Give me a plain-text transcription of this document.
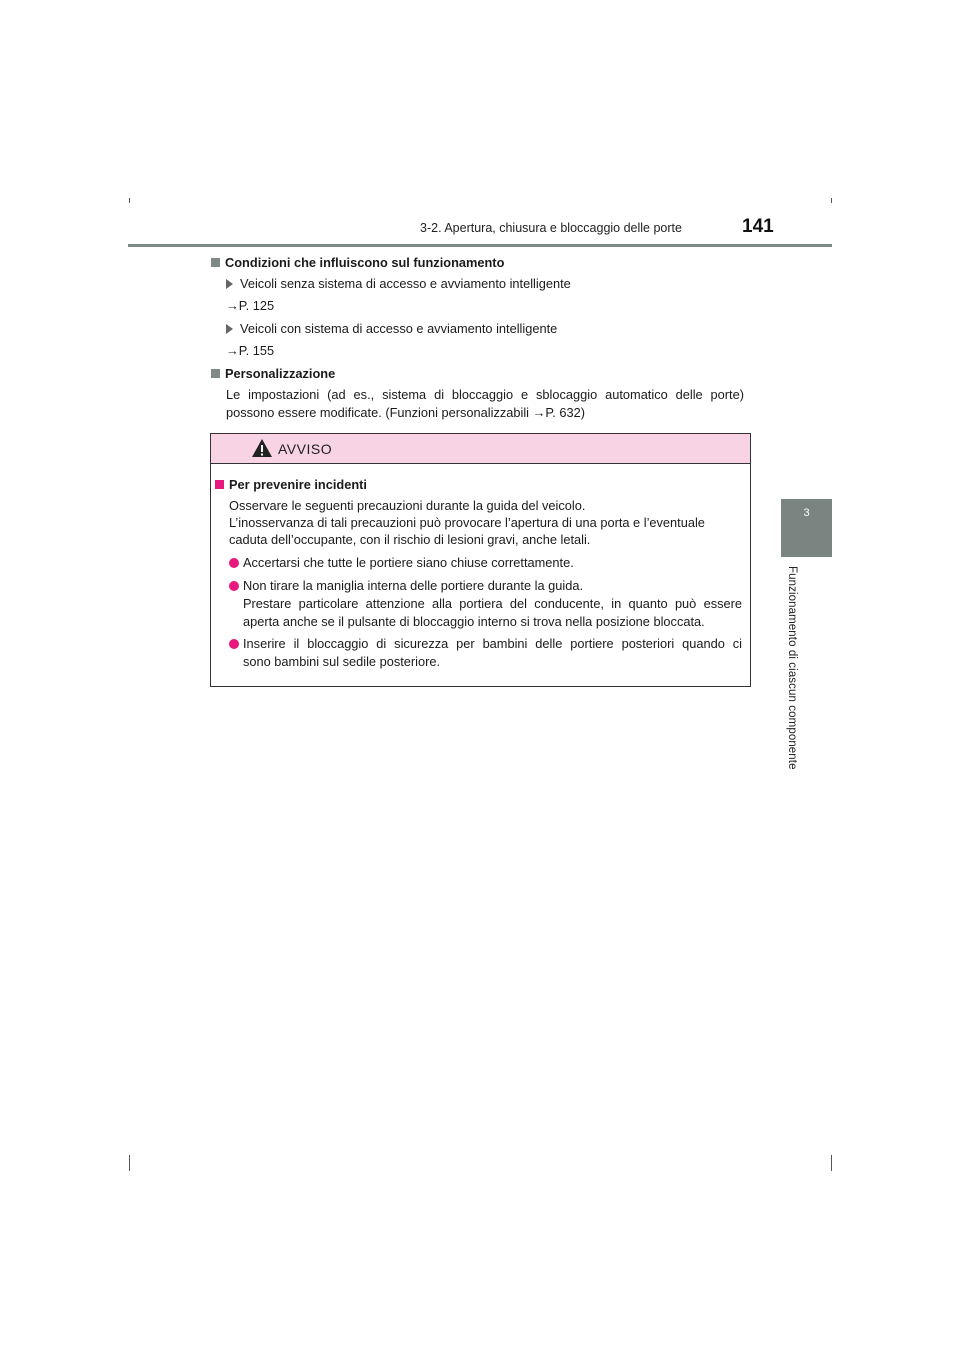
3-2. Apertura, chiusura e bloccaggio delle porte	141
3
Funzionamento di ciascun componente
Condizioni che influiscono sul funzionamento
Veicoli senza sistema di accesso e avviamento intelligente
→P. 125
Veicoli con sistema di accesso e avviamento intelligente
→P. 155
Personalizzazione
Le impostazioni (ad es., sistema di bloccaggio e sblocaggio automatico delle porte)
possono essere modificate. (Funzioni personalizzabili →P. 632)
AVVISO
Per prevenire incidenti
Osservare le seguenti precauzioni durante la guida del veicolo.
L’inosservanza di tali precauzioni può provocare l’apertura di una porta e l’eventuale
caduta dell’occupante, con il rischio di lesioni gravi, anche letali.
Accertarsi che tutte le portiere siano chiuse correttamente.
Non tirare la maniglia interna delle portiere durante la guida.
Prestare particolare attenzione alla portiera del conducente, in quanto può essere
aperta anche se il pulsante di bloccaggio interno si trova nella posizione bloccata.
Inserire il bloccaggio di sicurezza per bambini delle portiere posteriori quando ci
sono bambini sul sedile posteriore.
